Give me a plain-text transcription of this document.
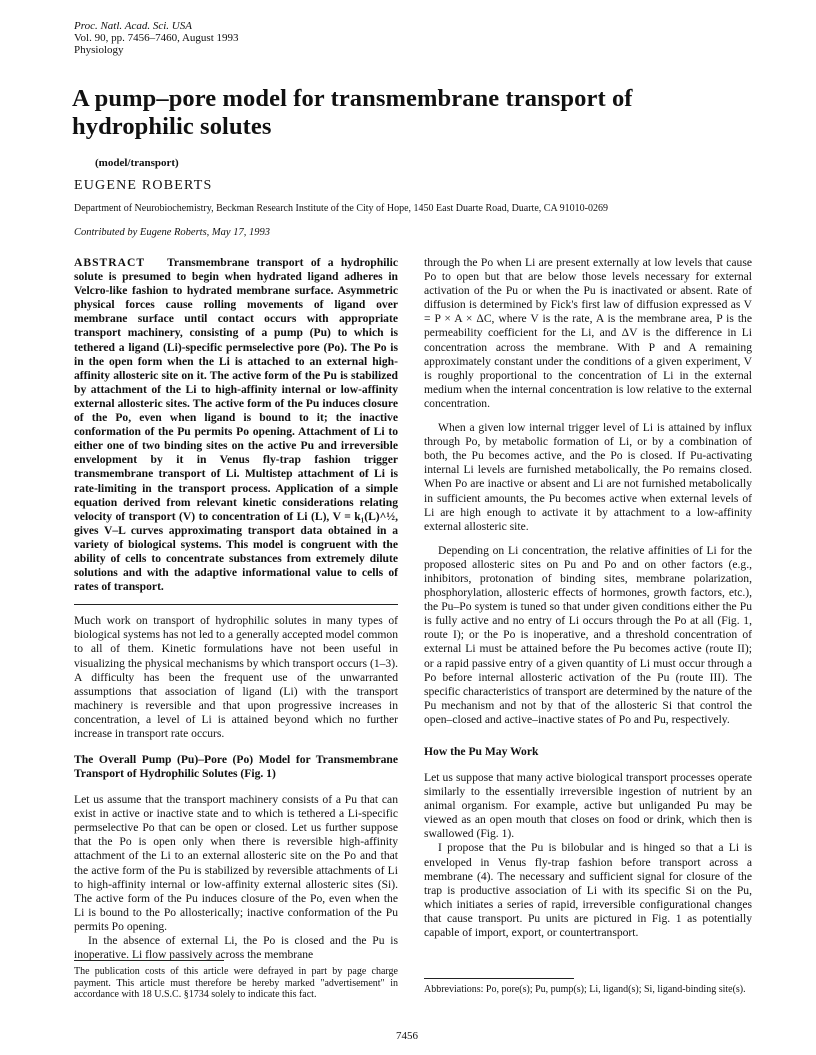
Proc. Natl. Acad. Sci. USA
Vol. 90, pp. 7456–7460, August 1993
Physiology
A pump–pore model for transmembrane transport of hydrophilic solutes
(model/transport)
EUGENE ROBERTS
Department of Neurobiochemistry, Beckman Research Institute of the City of Hope, 1450 East Duarte Road, Duarte, CA 91010-0269
Contributed by Eugene Roberts, May 17, 1993

ABSTRACT Transmembrane transport of a hydrophilic solute is presumed to begin when hydrated ligand adheres in Velcro-like fashion to hydrated membrane surface. Asymmetric physical forces cause rolling movements of ligand over membrane surface until contact occurs with appropriate transport machinery, consisting of a pump (Pu) to which is tethered a ligand (Li)-specific permselective pore (Po). The Po is in the open form when the Li is attached to an external high-affinity allosteric site on it. The active form of the Pu is stabilized by attachment of the Li to high-affinity internal or low-affinity external allosteric sites. The active form of the Pu induces closure of the Po, even when ligand is bound to it; the inactive conformation of the Pu permits Po opening. Attachment of Li to either one of two binding sites on the active Pu and irreversible envelopment by it in Venus fly-trap fashion trigger transmembrane transport of Li. Multistep attachment of Li is rate-limiting in the transport process. Application of a simple equation derived from relevant kinetic considerations relating velocity of transport (V) to concentration of Li (L), V = k₁(L)^½, gives V–L curves approximating transport data obtained in a variety of biological systems. This model is congruent with the ability of cells to concentrate substances from extremely dilute solutions and with the adaptive informational value to cells of rates of transport.

Much work on transport of hydrophilic solutes in many types of biological systems has not led to a generally accepted model common to all of them. Kinetic formulations have not been useful in visualizing the physical mechanisms by which transport occurs (1–3). A difficulty has been the frequent use of the unwarranted assumptions that association of ligand (Li) with the transport machinery is reversible and that upon progressive increases in concentration, a level of Li is attained beyond which no further increase in transport rate occurs.

The Overall Pump (Pu)–Pore (Po) Model for Transmembrane Transport of Hydrophilic Solutes (Fig. 1)

Let us assume that the transport machinery consists of a Pu that can exist in active or inactive state and to which is tethered a Li-specific permselective Po that can be open or closed. Let us further suppose that the Po is open only when there is reversible high-affinity attachment of the Li to an external allosteric site on the Po and that the active form of the Pu is stabilized by reversible attachments of Li to high-affinity internal or low-affinity external allosteric sites (Si). The active form of the Pu induces closure of the Po, even when the Li is bound to the Po allosterically; inactive conformation of the Pu permits Po opening.

In the absence of external Li, the Po is closed and the Pu is inoperative. Li flow passively across the membrane

through the Po when Li are present externally at low levels that cause Po to open but that are below those levels necessary for external activation of the Pu or when the Pu is inactivated or absent. Rate of diffusion is determined by Fick's first law of diffusion expressed as V = P × A × ΔC, where V is the rate, A is the membrane area, P is the permeability coefficient for the Li, and ΔV is the difference in Li concentration across the membrane. With P and A remaining approximately constant under the conditions of a given experiment, V is roughly proportional to the concentration of Li in the external medium when the internal concentration is low relative to the external concentration.

When a given low internal trigger level of Li is attained by influx through Po, by metabolic formation of Li, or by a combination of both, the Pu becomes active, and the Po is closed. If Pu-activating internal Li levels are furnished metabolically, the Po remains closed. When Po are inactive or absent and Li are not furnished metabolically in sufficient amounts, the Pu becomes active when external levels of Li are high enough to activate it by attachment to a low-affinity external allosteric site.

Depending on Li concentration, the relative affinities of Li for the proposed allosteric sites on Pu and Po and on other factors (e.g., inhibitors, protonation of binding sites, membrane polarization, phosphorylation, allosteric effects of hormones, growth factors, etc.), the Pu–Po system is tuned so that under given conditions either the Pu is fully active and no entry of Li occurs through the Po at all (Fig. 1, route I); or the Po is inoperative, and a threshold concentration of external Li must be attained before the Pu becomes active (route II); or a rapid passive entry of a given quantity of Li must occur through a Po before internal allosteric activation of the Pu (route III). The specific characteristics of transport are determined by the nature of the Pu mechanism and not by that of the allosteric Si that control the open–closed and active–inactive states of Po and Pu, respectively.

How the Pu May Work

Let us suppose that many active biological transport processes operate similarly to the essentially irreversible ingestion of nutrient by an animal organism. For example, active but unliganded Pu may be viewed as an open mouth that closes on food or drink, which then is swallowed (Fig. 1).

I propose that the Pu is bilobular and is hinged so that a Li is enveloped in Venus fly-trap fashion before transport across a membrane (4). The necessary and sufficient signal for closure of the trap is productive association of Li with its specific Si on the Pu, which initiates a series of rapid, irreversible configurational changes that cause transport. Pu units are pictured in Fig. 1 as potentially capable of import, export, or countertransport.

The publication costs of this article were defrayed in part by page charge payment. This article must therefore be hereby marked "advertisement" in accordance with 18 U.S.C. §1734 solely to indicate this fact.	Abbreviations: Po, pore(s); Pu, pump(s); Li, ligand(s); Si, ligand-binding site(s).
7456
